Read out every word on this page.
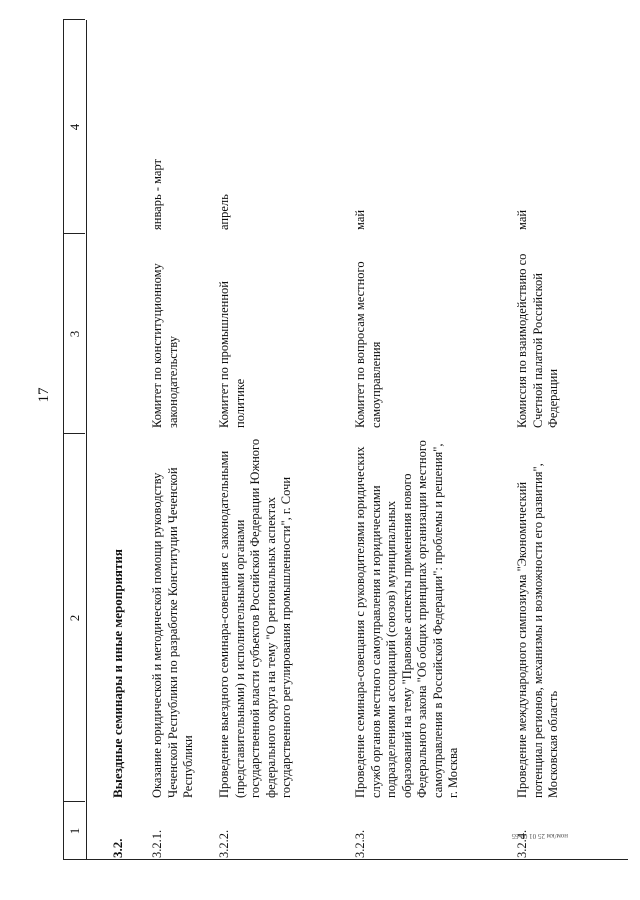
17
1
2
3
4
3.2.
Выездные семинары и иные мероприятия
3.2.1.
Оказание юридической и методической помощи руководству Чеченской Республики по разработке Конституции Чеченской Республики
Комитет по конституционному законодательству
январь - март
3.2.2.
Проведение выездного семинара-совещания с законодательными (представительными) и исполнительными органами государственной власти субъектов Российской Федерации Южного федерального округа на тему "О региональных аспектах государственного регулирования промышленности", г. Сочи
Комитет по промышленной политике
апрель
3.2.3.
Проведение семинара-совещания с руководителями юридических служб органов местного самоуправления и юридическими подразделениями ассоциаций (союзов) муниципальных образований на тему "Правовые аспекты применения нового Федерального закона "Об общих принципах организации местного самоуправления в Российской Федерации": проблемы и решения", г. Москва
Комитет по вопросам местного самоуправления
май
3.2.4.
Проведение международного симпозиума "Экономический потенциал регионов, механизмы и возможности его развития", Московская область
Комиссия по взаимодействию со Счетной палатой Российской Федерации
май
ном/км 25 01 03 65
